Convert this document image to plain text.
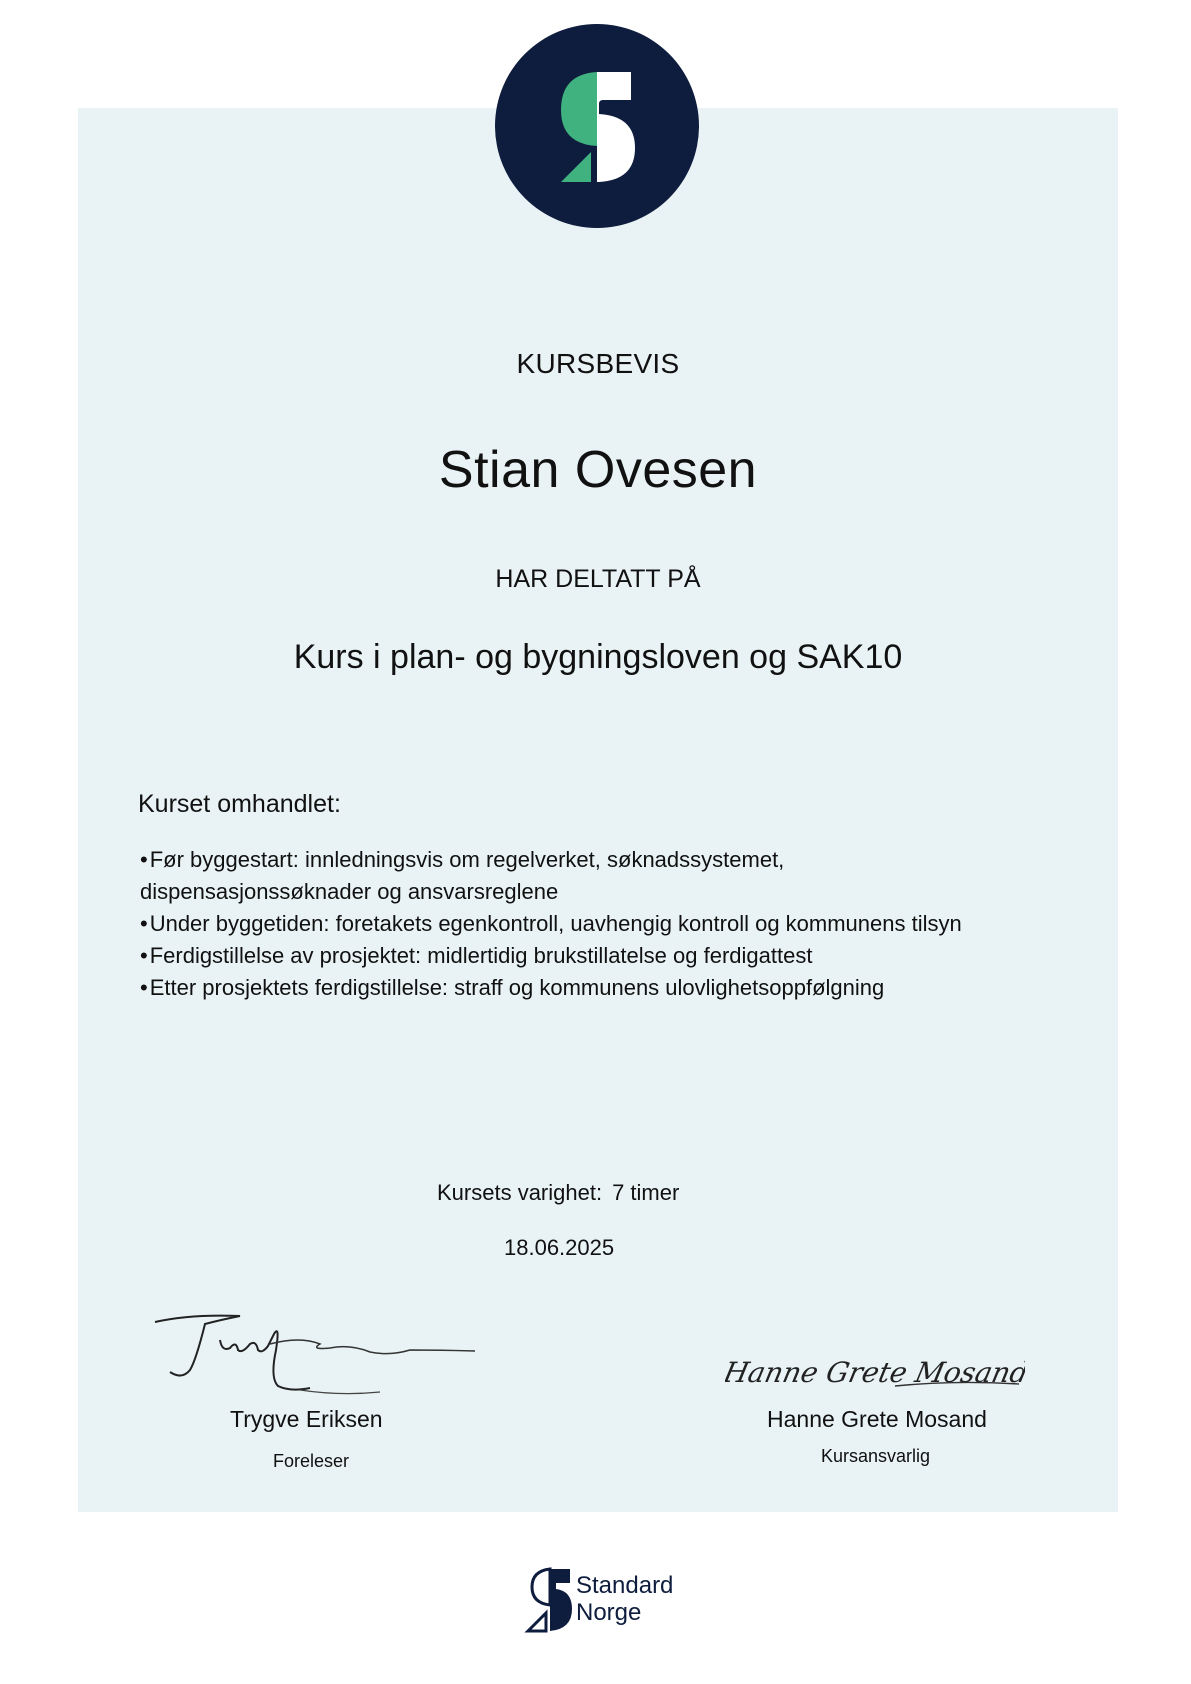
KURSBEVIS
Stian Ovesen
HAR DELTATT PÅ
Kurs i plan- og bygningsloven og SAK10
Kurset omhandlet:
•Før byggestart: innledningsvis om regelverket, søknadssystemet, dispensasjonssøknader og ansvarsreglene
•Under byggetiden: foretakets egenkontroll, uavhengig kontroll og kommunens tilsyn
•Ferdigstillelse av prosjektet: midlertidig brukstillatelse og ferdigattest
•Etter prosjektets ferdigstillelse: straff og kommunens ulovlighetsoppfølgning
Kursets varighet: 7 timer
18.06.2025
Hanne Grete Mosand
Trygve Eriksen
Foreleser
Hanne Grete Mosand
Kursansvarlig
Standard
Norge
